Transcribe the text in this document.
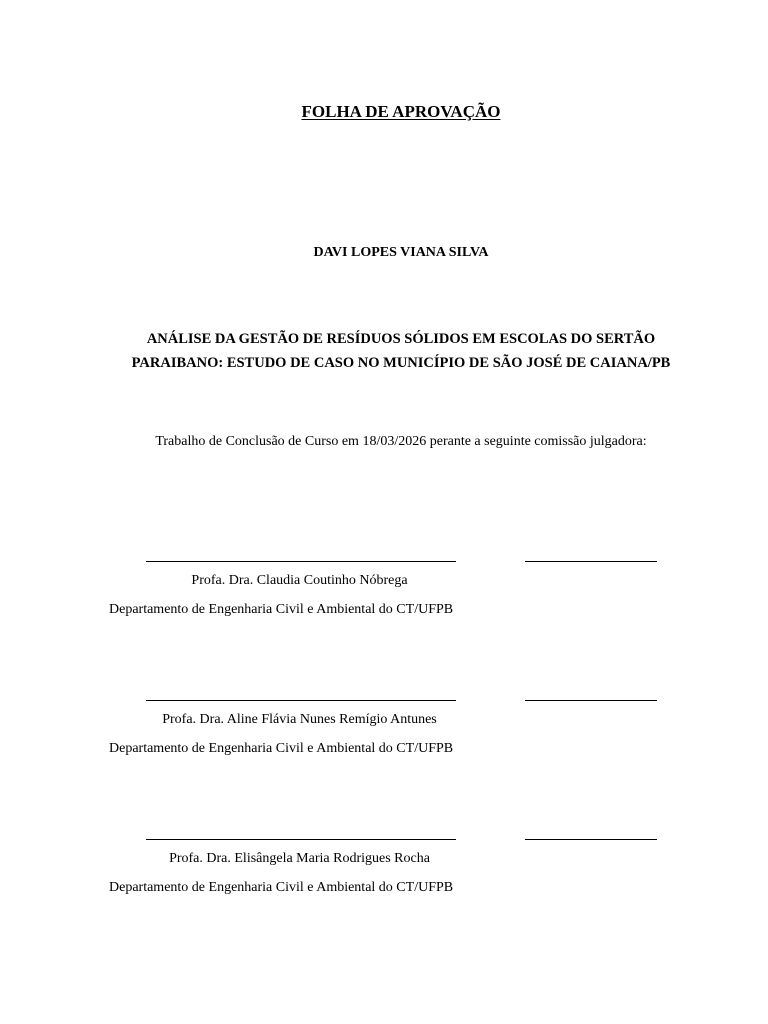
FOLHA DE APROVAÇÃO
DAVI LOPES VIANA SILVA
ANÁLISE DA GESTÃO DE RESÍDUOS SÓLIDOS EM ESCOLAS DO SERTÃO
PARAIBANO: ESTUDO DE CASO NO MUNICÍPIO DE SÃO JOSÉ DE CAIANA/PB
Trabalho de Conclusão de Curso em 18/03/2026 perante a seguinte comissão julgadora:
Profa. Dra. Claudia Coutinho Nóbrega
Departamento de Engenharia Civil e Ambiental do CT/UFPB
Profa. Dra. Aline Flávia Nunes Remígio Antunes
Departamento de Engenharia Civil e Ambiental do CT/UFPB
Profa. Dra. Elisângela Maria Rodrigues Rocha
Departamento de Engenharia Civil e Ambiental do CT/UFPB
